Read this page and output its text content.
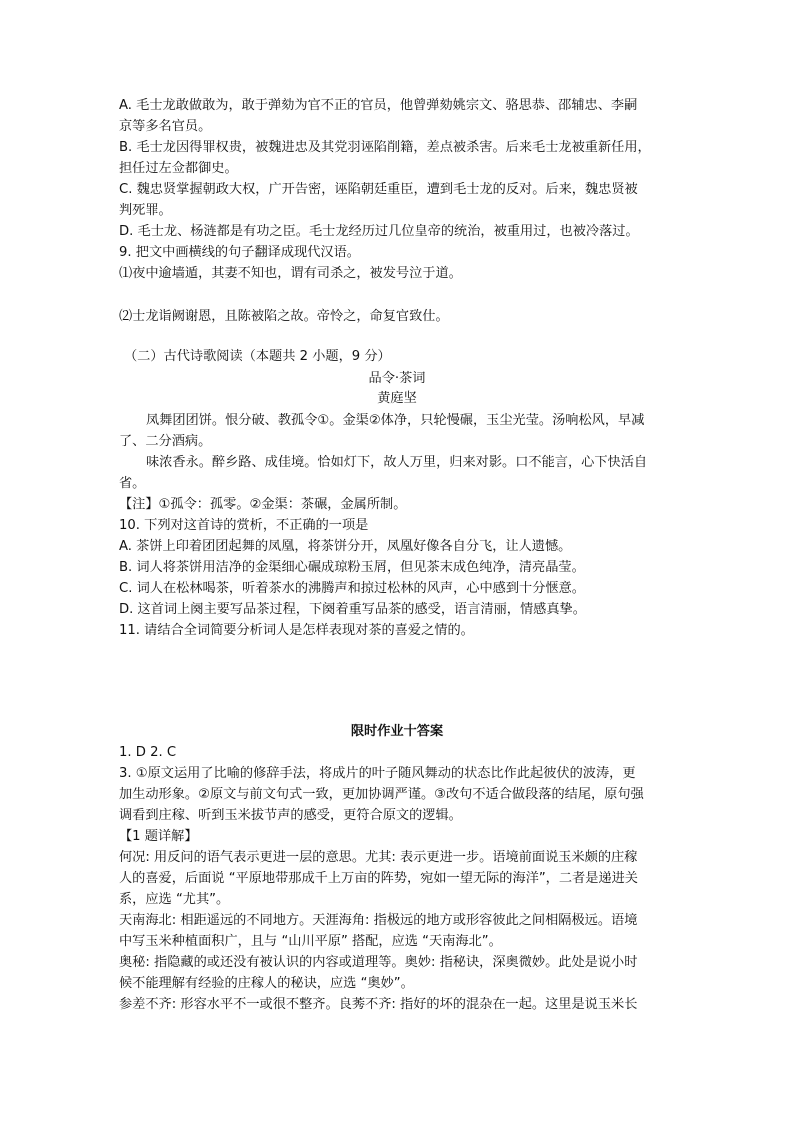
A. 毛士龙敢做敢为，敢于弹劾为官不正的官员，他曾弹劾姚宗文、骆思恭、邵辅忠、李嗣
京等多名官员。
B. 毛士龙因得罪权贵，被魏进忠及其党羽诬陷削籍，差点被杀害。后来毛士龙被重新任用，
担任过左佥都御史。
C. 魏忠贤掌握朝政大权，广开告密，诬陷朝廷重臣，遭到毛士龙的反对。后来，魏忠贤被
判死罪。
D. 毛士龙、杨涟都是有功之臣。毛士龙经历过几位皇帝的统治，被重用过，也被冷落过。
9. 把文中画横线的句子翻译成现代汉语。
⑴夜中逾墙遁，其妻不知也，谓有司杀之，被发号泣于道。
⑵士龙诣阙谢恩，且陈被陷之故。帝怜之，命复官致仕。
（二）古代诗歌阅读（本题共 2 小题，9 分）
品令·茶词
黄庭坚
凤舞团团饼。恨分破、教孤令①。金渠②体净，只轮慢碾，玉尘光莹。汤响松风，早减
了、二分酒病。
味浓香永。醉乡路、成佳境。恰如灯下，故人万里，归来对影。口不能言，心下快活自
省。
【注】①孤令：孤零。②金渠：茶碾，金属所制。
10. 下列对这首诗的赏析，不正确的一项是
A. 茶饼上印着团团起舞的凤凰，将茶饼分开，凤凰好像各自分飞，让人遗憾。
B. 词人将茶饼用洁净的金渠细心碾成琼粉玉屑，但见茶末成色纯净，清亮晶莹。
C. 词人在松林喝茶，听着茶水的沸腾声和掠过松林的风声，心中感到十分惬意。
D. 这首词上阕主要写品茶过程，下阕着重写品茶的感受，语言清丽，情感真挚。
11. 请结合全词简要分析词人是怎样表现对茶的喜爱之情的。
限时作业十答案
1. D 2. C
3. ①原文运用了比喻的修辞手法，将成片的叶子随风舞动的状态比作此起彼伏的波涛，更
加生动形象。②原文与前文句式一致，更加协调严谨。③改句不适合做段落的结尾，原句强
调看到庄稼、听到玉米拔节声的感受，更符合原文的逻辑。
【1 题详解】
何况: 用反问的语气表示更进一层的意思。尤其: 表示更进一步。语境前面说玉米颇的庄稼
人的喜爱，后面说 “平原地带那成千上万亩的阵势，宛如一望无际的海洋”，二者是递进关
系，应选 “尤其”。
天南海北: 相距遥远的不同地方。天涯海角: 指极远的地方或形容彼此之间相隔极远。语境
中写玉米种植面积广，且与 “山川平原” 搭配，应选 “天南海北”。
奥秘: 指隐藏的或还没有被认识的内容或道理等。奥妙: 指秘诀，深奥微妙。此处是说小时
候不能理解有经验的庄稼人的秘诀，应选 “奥妙”。
参差不齐: 形容水平不一或很不整齐。良莠不齐: 指好的坏的混杂在一起。这里是说玉米长
